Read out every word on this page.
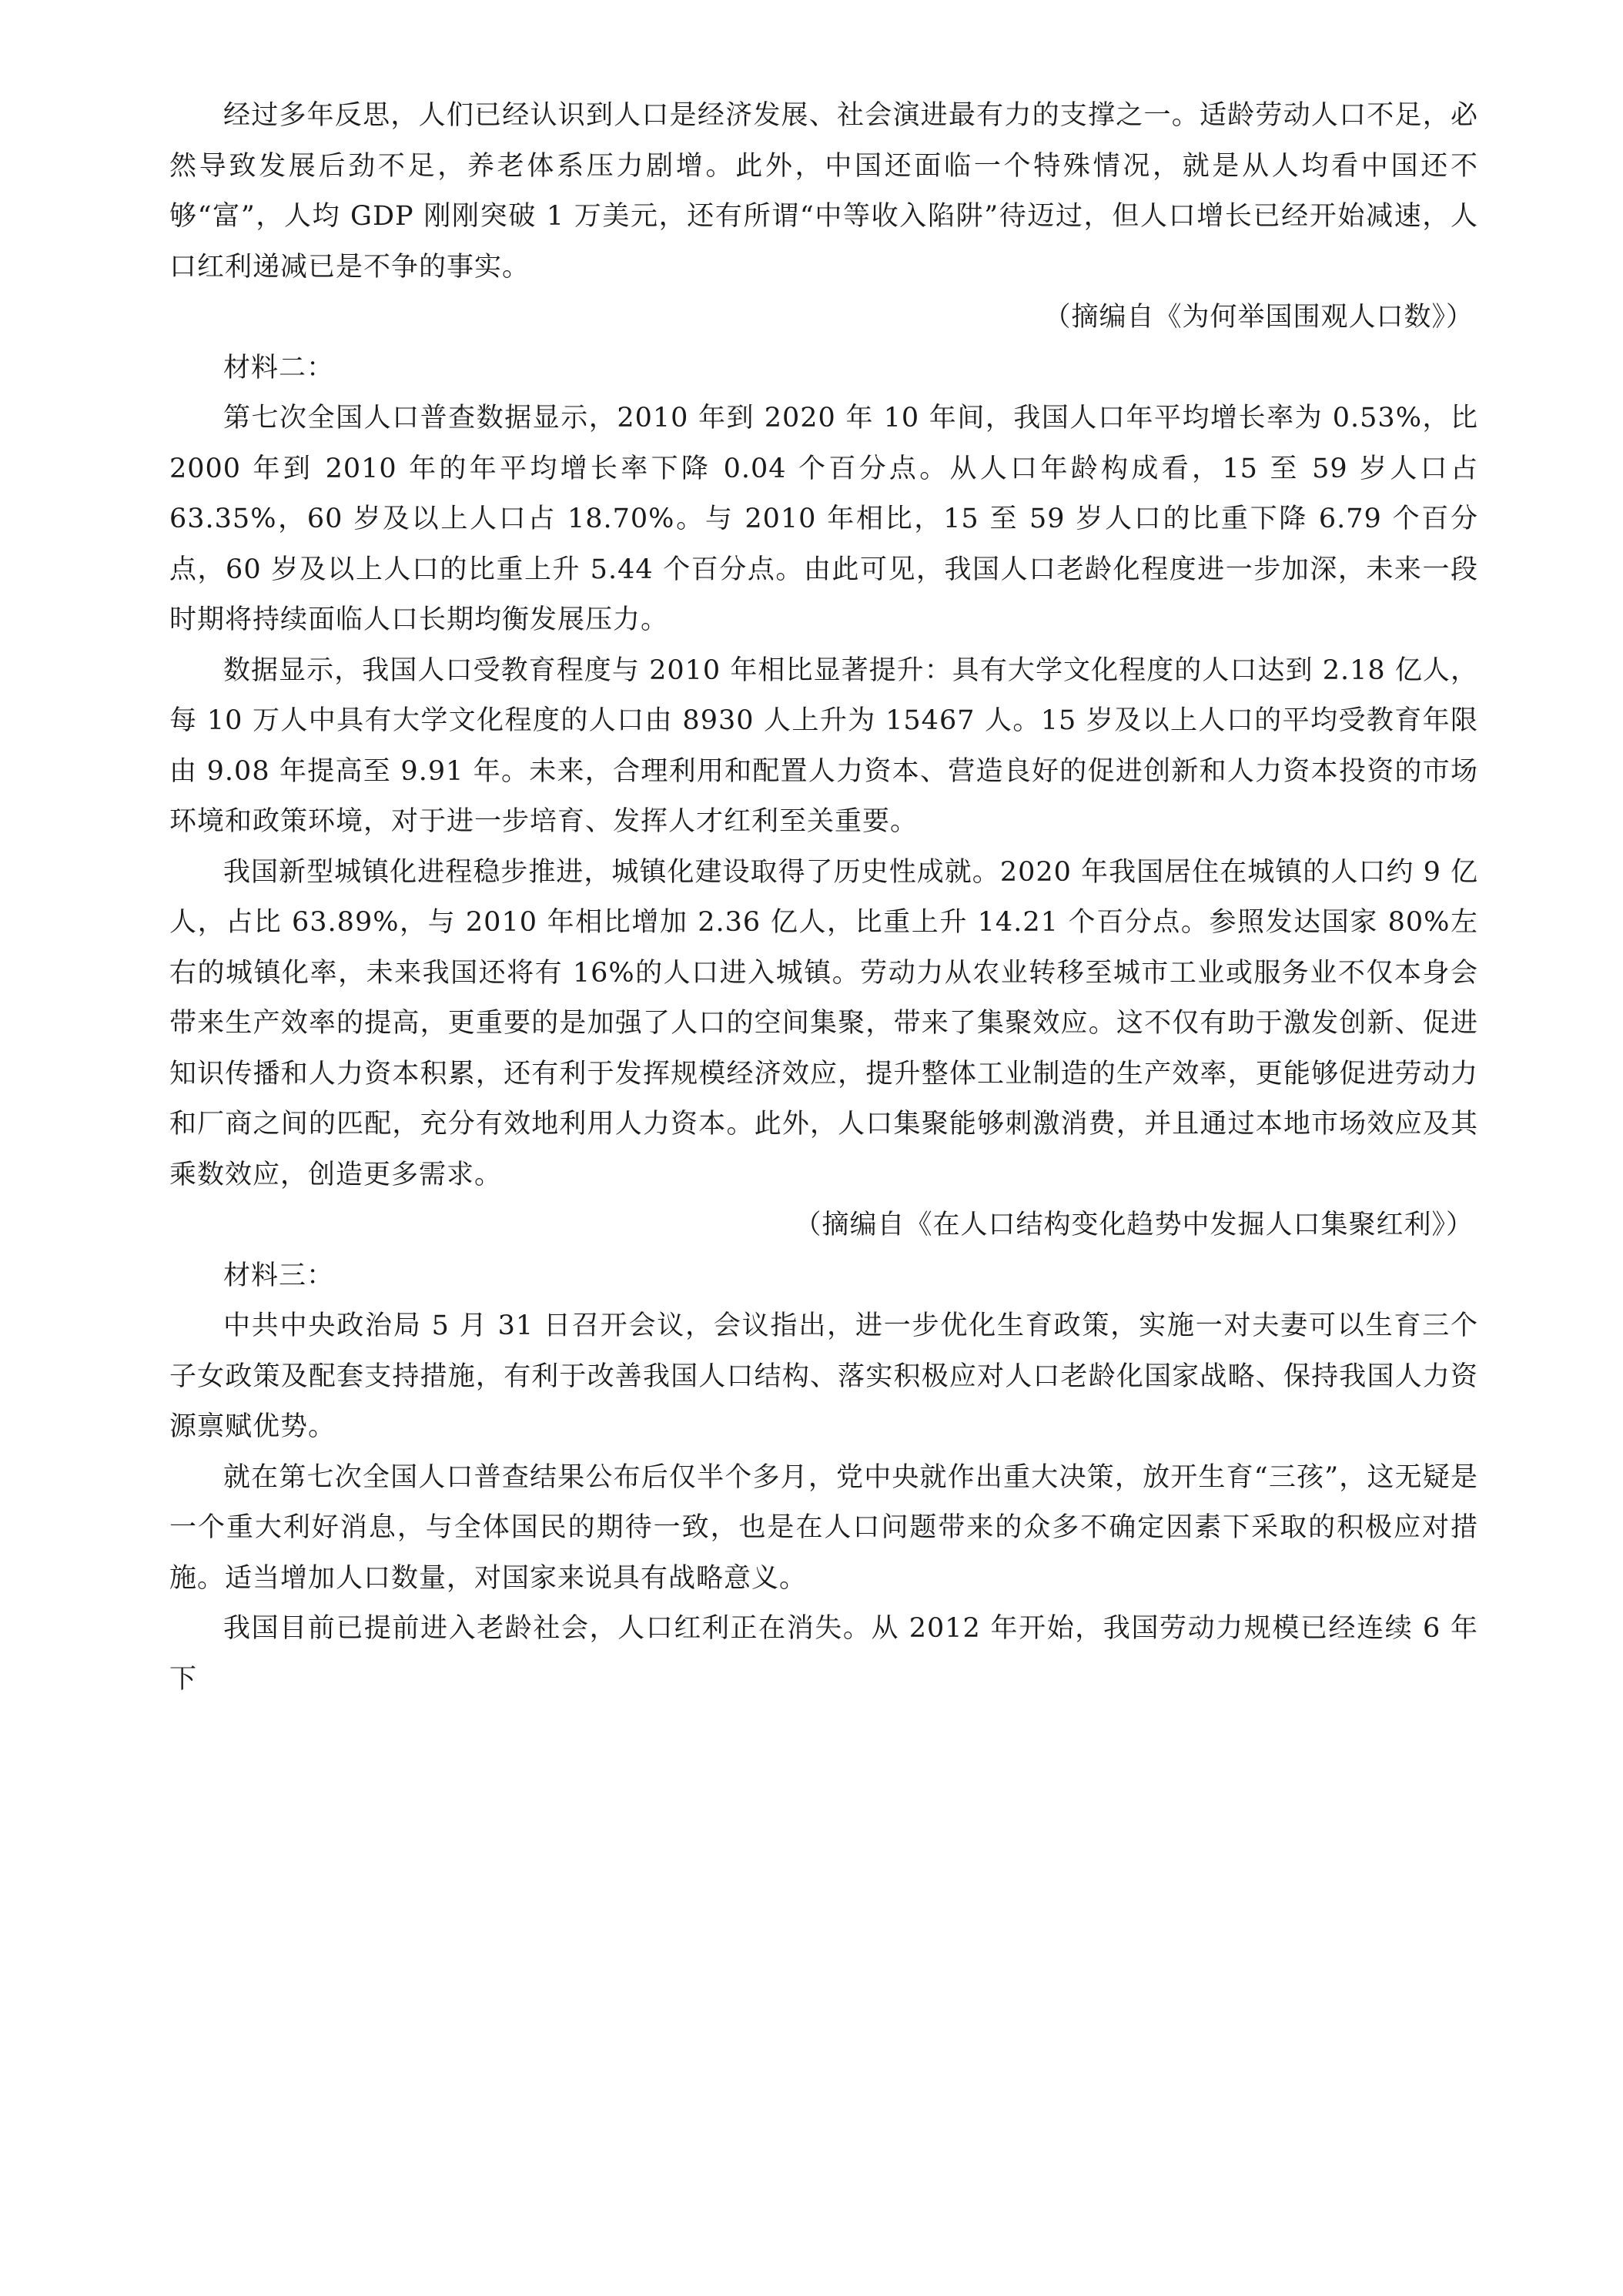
经过多年反思，人们已经认识到人口是经济发展、社会演进最有力的支撑之一。适龄劳动人口不足，必然导致发展后劲不足，养老体系压力剧增。此外，中国还面临一个特殊情况，就是从人均看中国还不够“富”，人均 GDP 刚刚突破 1 万美元，还有所谓“中等收入陷阱”待迈过，但人口增长已经开始减速，人口红利递减已是不争的事实。

（摘编自《为何举国围观人口数》）

材料二：

第七次全国人口普查数据显示，2010 年到 2020 年 10 年间，我国人口年平均增长率为 0.53%，比 2000 年到 2010 年的年平均增长率下降 0.04 个百分点。从人口年龄构成看，15 至 59 岁人口占 63.35%，60 岁及以上人口占 18.70%。与 2010 年相比，15 至 59 岁人口的比重下降 6.79 个百分点，60 岁及以上人口的比重上升 5.44 个百分点。由此可见，我国人口老龄化程度进一步加深，未来一段时期将持续面临人口长期均衡发展压力。

数据显示，我国人口受教育程度与 2010 年相比显著提升：具有大学文化程度的人口达到 2.18 亿人，每 10 万人中具有大学文化程度的人口由 8930 人上升为 15467 人。15 岁及以上人口的平均受教育年限由 9.08 年提高至 9.91 年。未来，合理利用和配置人力资本、营造良好的促进创新和人力资本投资的市场环境和政策环境，对于进一步培育、发挥人才红利至关重要。

我国新型城镇化进程稳步推进，城镇化建设取得了历史性成就。2020 年我国居住在城镇的人口约 9 亿人，占比 63.89%，与 2010 年相比增加 2.36 亿人，比重上升 14.21 个百分点。参照发达国家 80%左右的城镇化率，未来我国还将有 16%的人口进入城镇。劳动力从农业转移至城市工业或服务业不仅本身会带来生产效率的提高，更重要的是加强了人口的空间集聚，带来了集聚效应。这不仅有助于激发创新、促进知识传播和人力资本积累，还有利于发挥规模经济效应，提升整体工业制造的生产效率，更能够促进劳动力和厂商之间的匹配，充分有效地利用人力资本。此外，人口集聚能够刺激消费，并且通过本地市场效应及其乘数效应，创造更多需求。

（摘编自《在人口结构变化趋势中发掘人口集聚红利》）

材料三：

中共中央政治局 5 月 31 日召开会议，会议指出，进一步优化生育政策，实施一对夫妻可以生育三个子女政策及配套支持措施，有利于改善我国人口结构、落实积极应对人口老龄化国家战略、保持我国人力资源禀赋优势。

就在第七次全国人口普查结果公布后仅半个多月，党中央就作出重大决策，放开生育“三孩”，这无疑是一个重大利好消息，与全体国民的期待一致，也是在人口问题带来的众多不确定因素下采取的积极应对措施。适当增加人口数量，对国家来说具有战略意义。

我国目前已提前进入老龄社会，人口红利正在消失。从 2012 年开始，我国劳动力规模已经连续 6 年下
